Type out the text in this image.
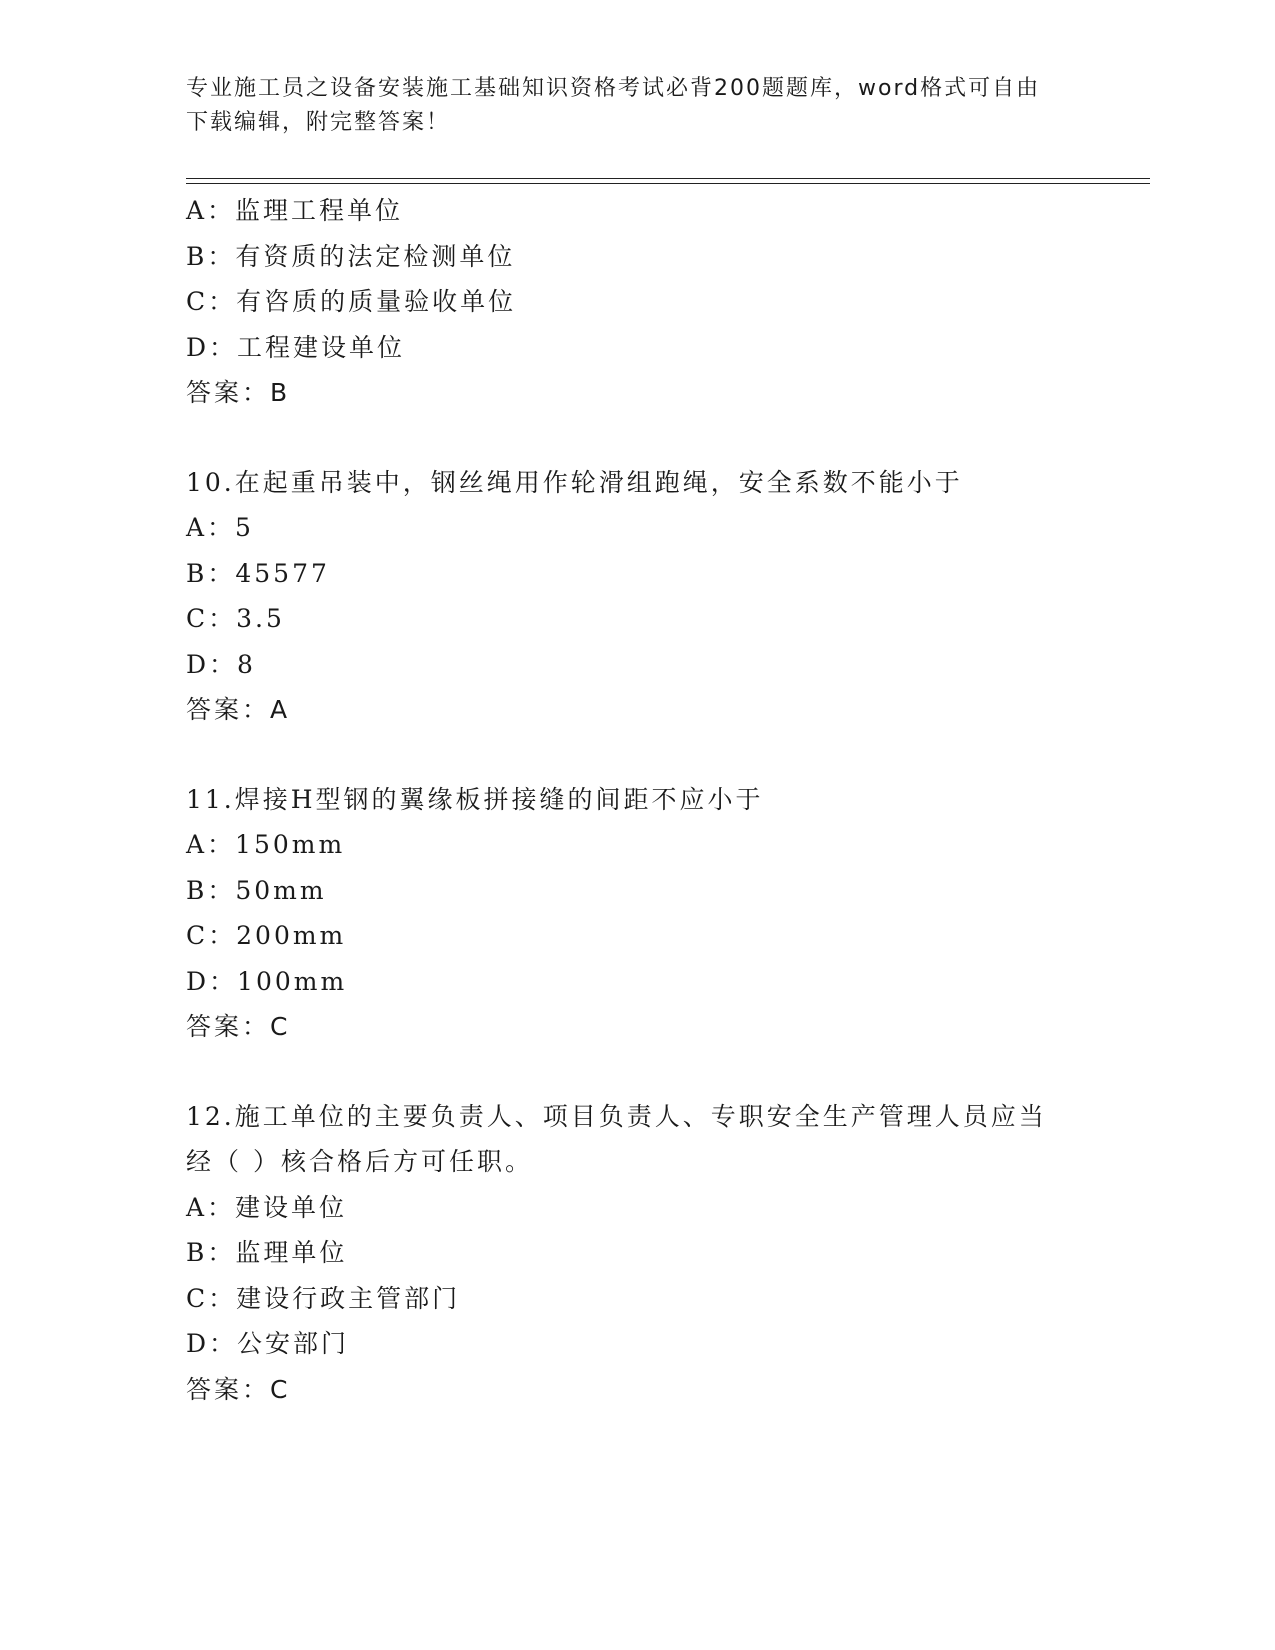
专业施工员之设备安装施工基础知识资格考试必背200题题库，word格式可自由
下载编辑，附完整答案！
A：监理工程单位
B：有资质的法定检测单位
C：有咨质的质量验收单位
D：工程建设单位
答案：B
10.在起重吊装中，钢丝绳用作轮滑组跑绳，安全系数不能小于
A：5
B：45577
C：3.5
D：8
答案：A
11.焊接H型钢的翼缘板拼接缝的间距不应小于
A：150mm
B：50mm
C：200mm
D：100mm
答案：C
12.施工单位的主要负责人、项目负责人、专职安全生产管理人员应当
经（ ）核合格后方可任职。
A：建设单位
B：监理单位
C：建设行政主管部门
D：公安部门
答案：C
